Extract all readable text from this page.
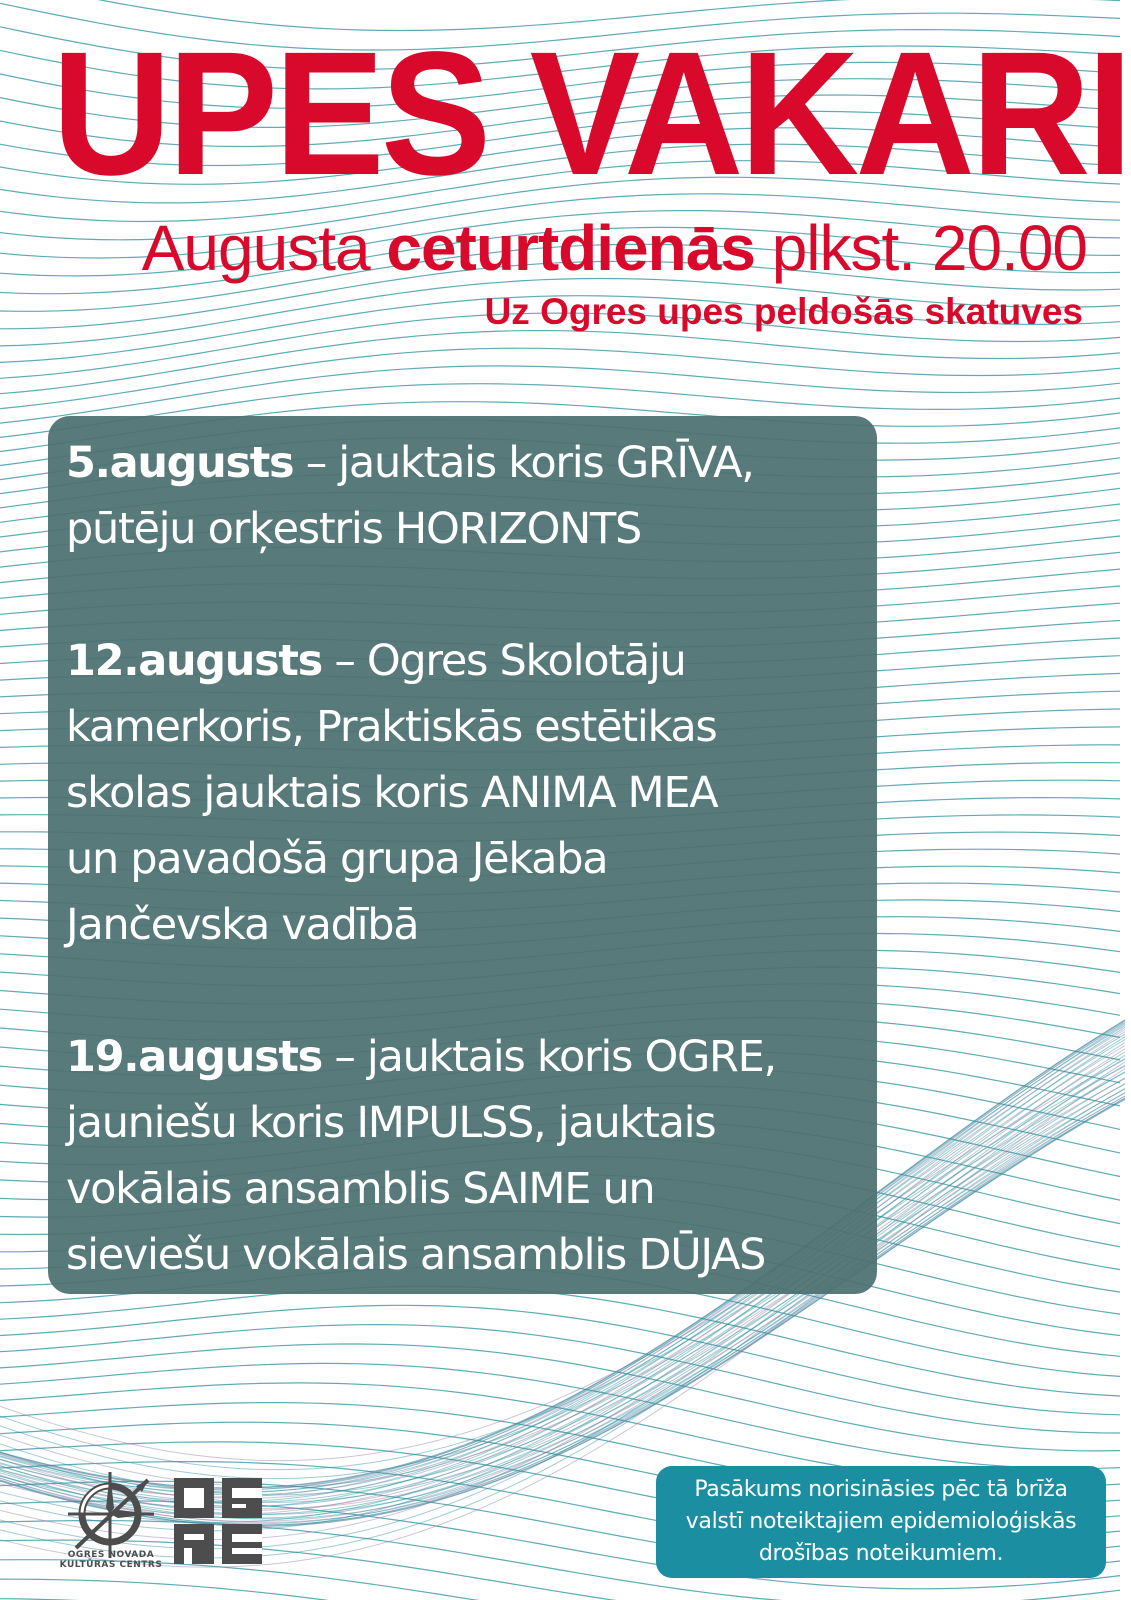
UPES VAKARI
Augusta ceturtdienās plkst. 20.00
Uz Ogres upes peldošās skatuves
5.augusts – jauktais koris GRĪVA,
pūtēju orķestris HORIZONTS
12.augusts – Ogres Skolotāju
kamerkoris, Praktiskās estētikas
skolas jauktais koris ANIMA MEA
un pavadošā grupa Jēkaba
Jančevska vadībā
19.augusts – jauktais koris OGRE,
jauniešu koris IMPULSS, jauktais
vokālais ansamblis SAIME un
sieviešu vokālais ansamblis DŪJAS
OGRES NOVADA
KULTŪRAS CENTRS
Pasākums norisināsies pēc tā brīža
valstī noteiktajiem epidemioloģiskās
drošības noteikumiem.
